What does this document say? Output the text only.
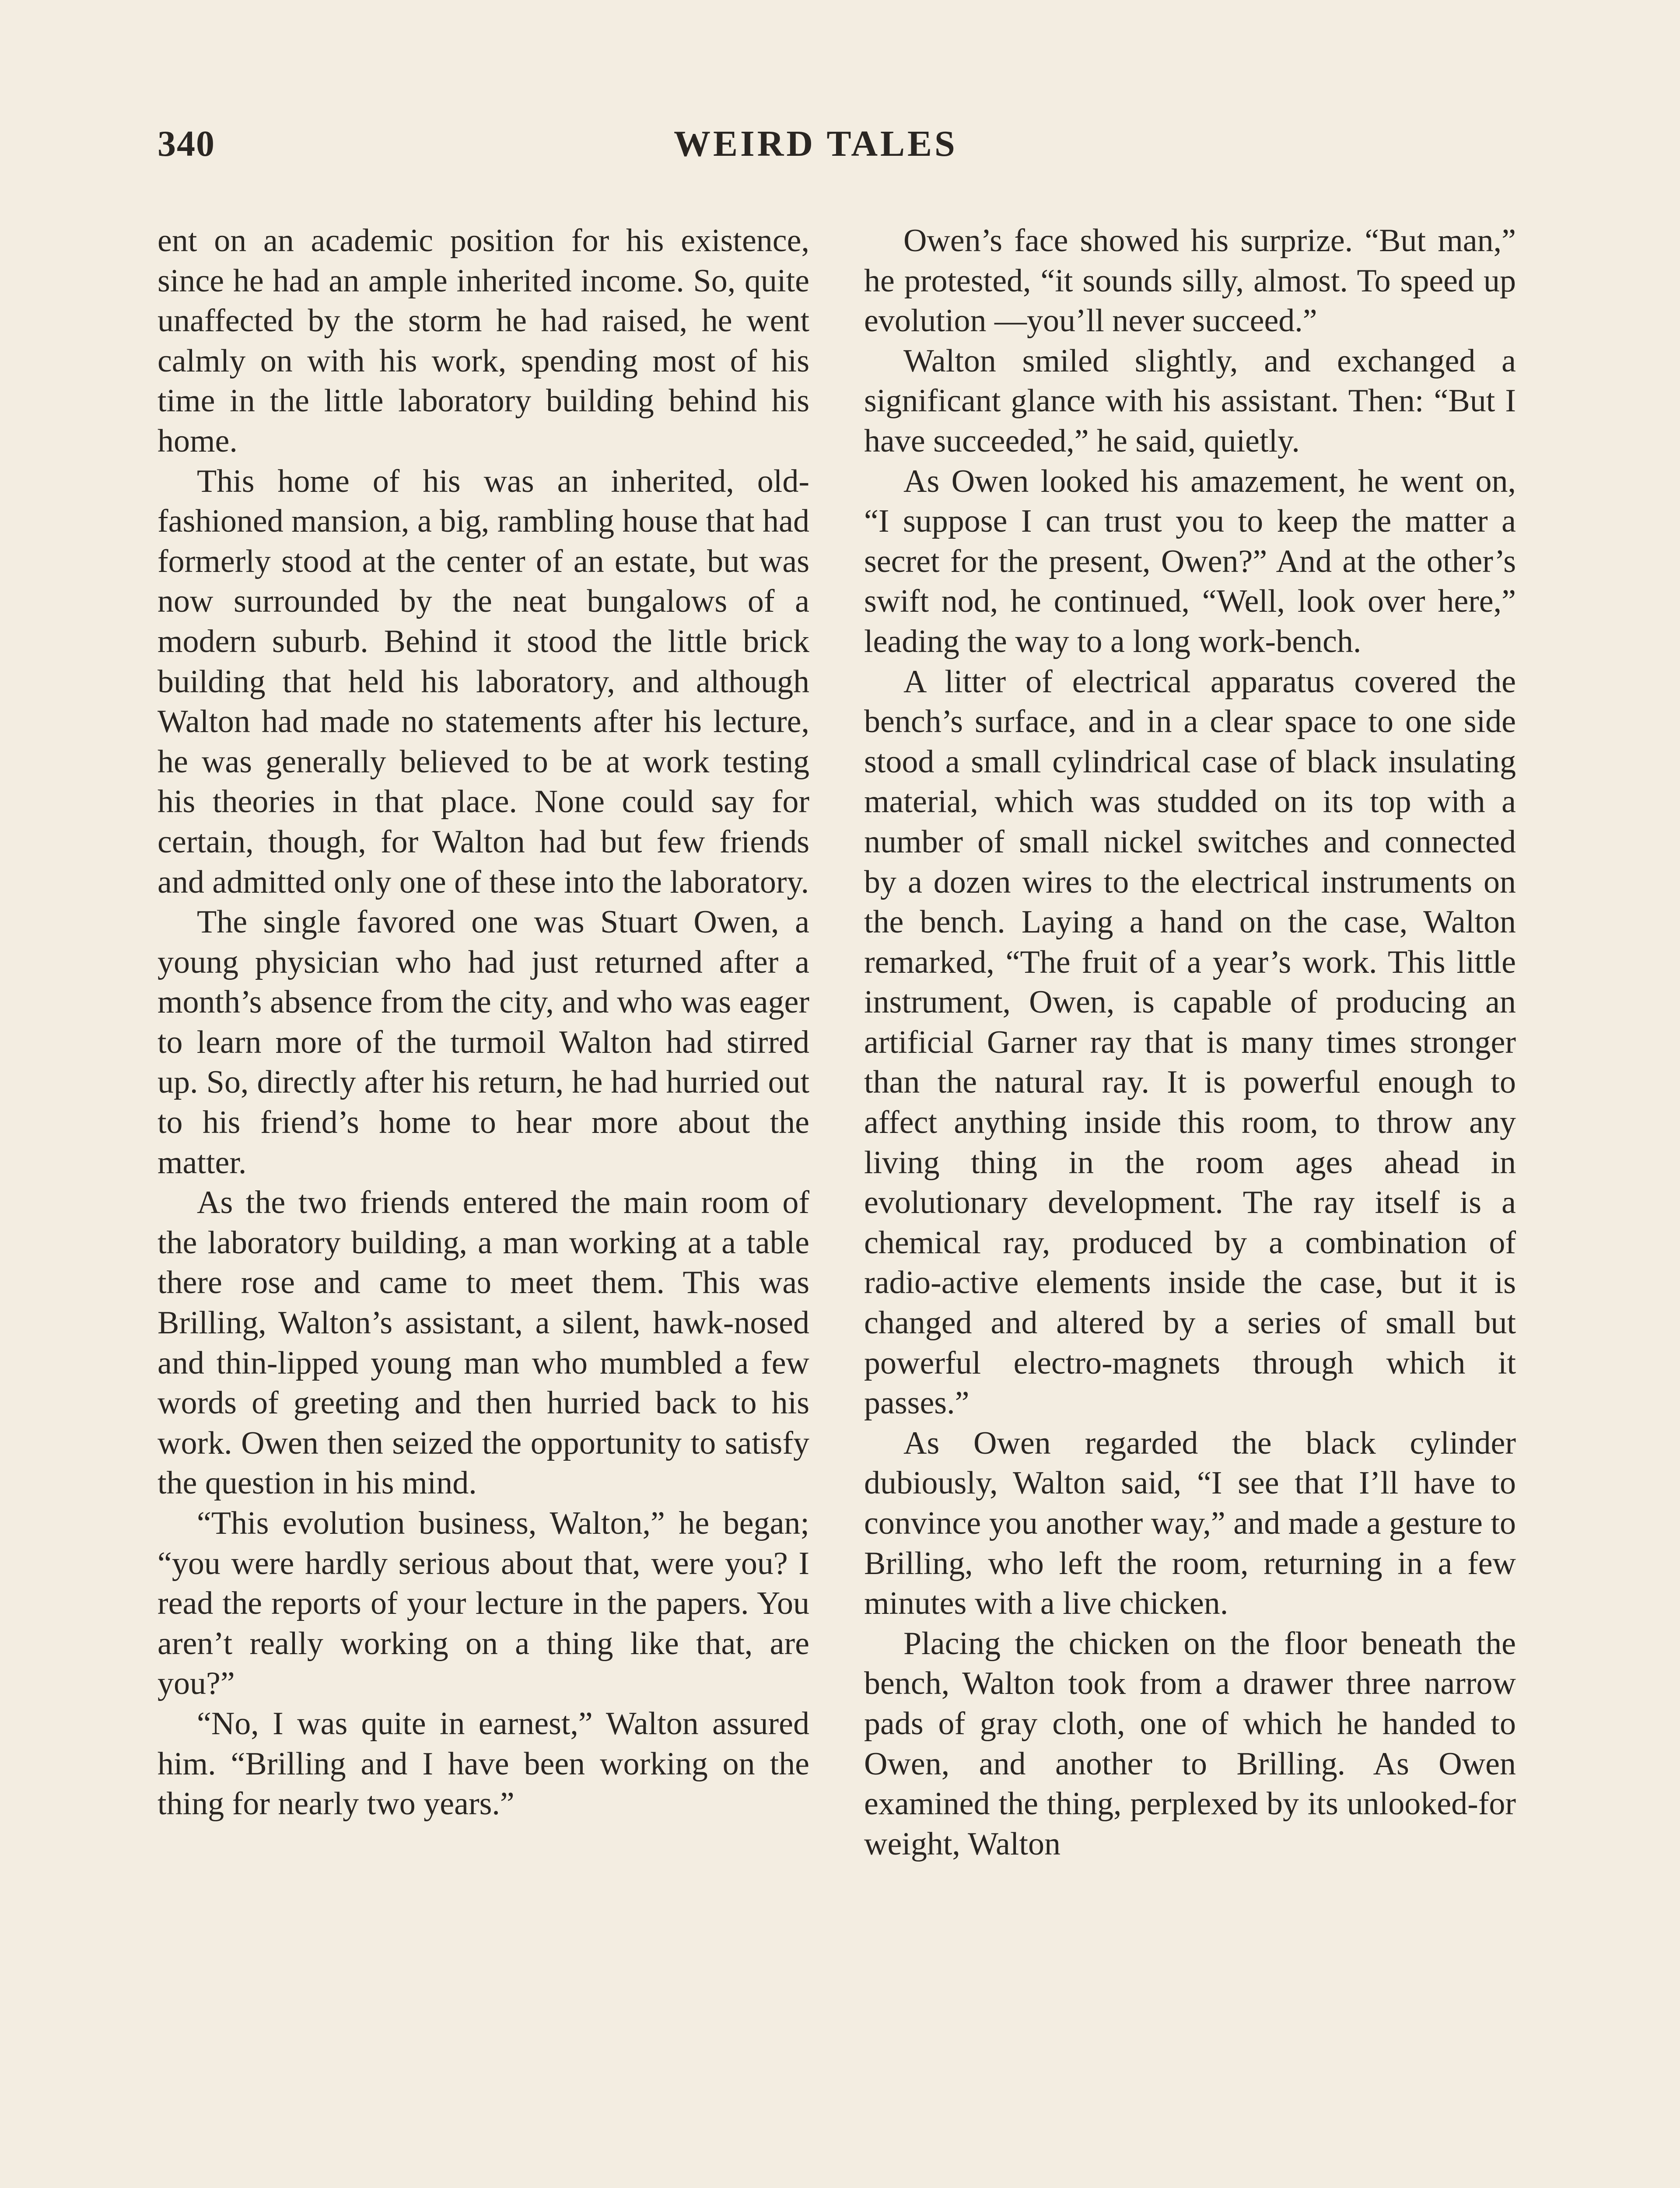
340	WEIRD TALES

ent on an academic position for his existence, since he had an ample inherited income. So, quite unaffected by the storm he had raised, he went calmly on with his work, spending most of his time in the little laboratory building behind his home.

This home of his was an inherited, old-fashioned mansion, a big, rambling house that had formerly stood at the center of an estate, but was now surrounded by the neat bungalows of a modern suburb. Behind it stood the little brick building that held his laboratory, and although Walton had made no statements after his lecture, he was generally believed to be at work testing his theories in that place. None could say for certain, though, for Walton had but few friends and admitted only one of these into the laboratory.

The single favored one was Stuart Owen, a young physician who had just returned after a month’s absence from the city, and who was eager to learn more of the turmoil Walton had stirred up. So, directly after his return, he had hurried out to his friend’s home to hear more about the matter.

As the two friends entered the main room of the laboratory building, a man working at a table there rose and came to meet them. This was Brilling, Walton’s assistant, a silent, hawk-nosed and thin-lipped young man who mumbled a few words of greeting and then hurried back to his work. Owen then seized the opportunity to satisfy the question in his mind.

“This evolution business, Walton,” he began; “you were hardly serious about that, were you? I read the reports of your lecture in the papers. You aren’t really working on a thing like that, are you?”

“No, I was quite in earnest,” Walton assured him. “Brilling and I have been working on the thing for nearly two years.”

Owen’s face showed his surprize. “But man,” he protested, “it sounds silly, almost. To speed up evolution —you’ll never succeed.”

Walton smiled slightly, and exchanged a significant glance with his assistant. Then: “But I have succeeded,” he said, quietly.

As Owen looked his amazement, he went on, “I suppose I can trust you to keep the matter a secret for the present, Owen?” And at the other’s swift nod, he continued, “Well, look over here,” leading the way to a long work-bench.

A litter of electrical apparatus covered the bench’s surface, and in a clear space to one side stood a small cylindrical case of black insulating material, which was studded on its top with a number of small nickel switches and connected by a dozen wires to the electrical instruments on the bench. Laying a hand on the case, Walton remarked, “The fruit of a year’s work. This little instrument, Owen, is capable of producing an artificial Garner ray that is many times stronger than the natural ray. It is powerful enough to affect anything inside this room, to throw any living thing in the room ages ahead in evolutionary development. The ray itself is a chemical ray, produced by a combination of radio-active elements inside the case, but it is changed and altered by a series of small but powerful electro-magnets through which it passes.”

As Owen regarded the black cylinder dubiously, Walton said, “I see that I’ll have to convince you another way,” and made a gesture to Brilling, who left the room, returning in a few minutes with a live chicken.

Placing the chicken on the floor beneath the bench, Walton took from a drawer three narrow pads of gray cloth, one of which he handed to Owen, and another to Brilling. As Owen examined the thing, perplexed by its unlooked-for weight, Walton
